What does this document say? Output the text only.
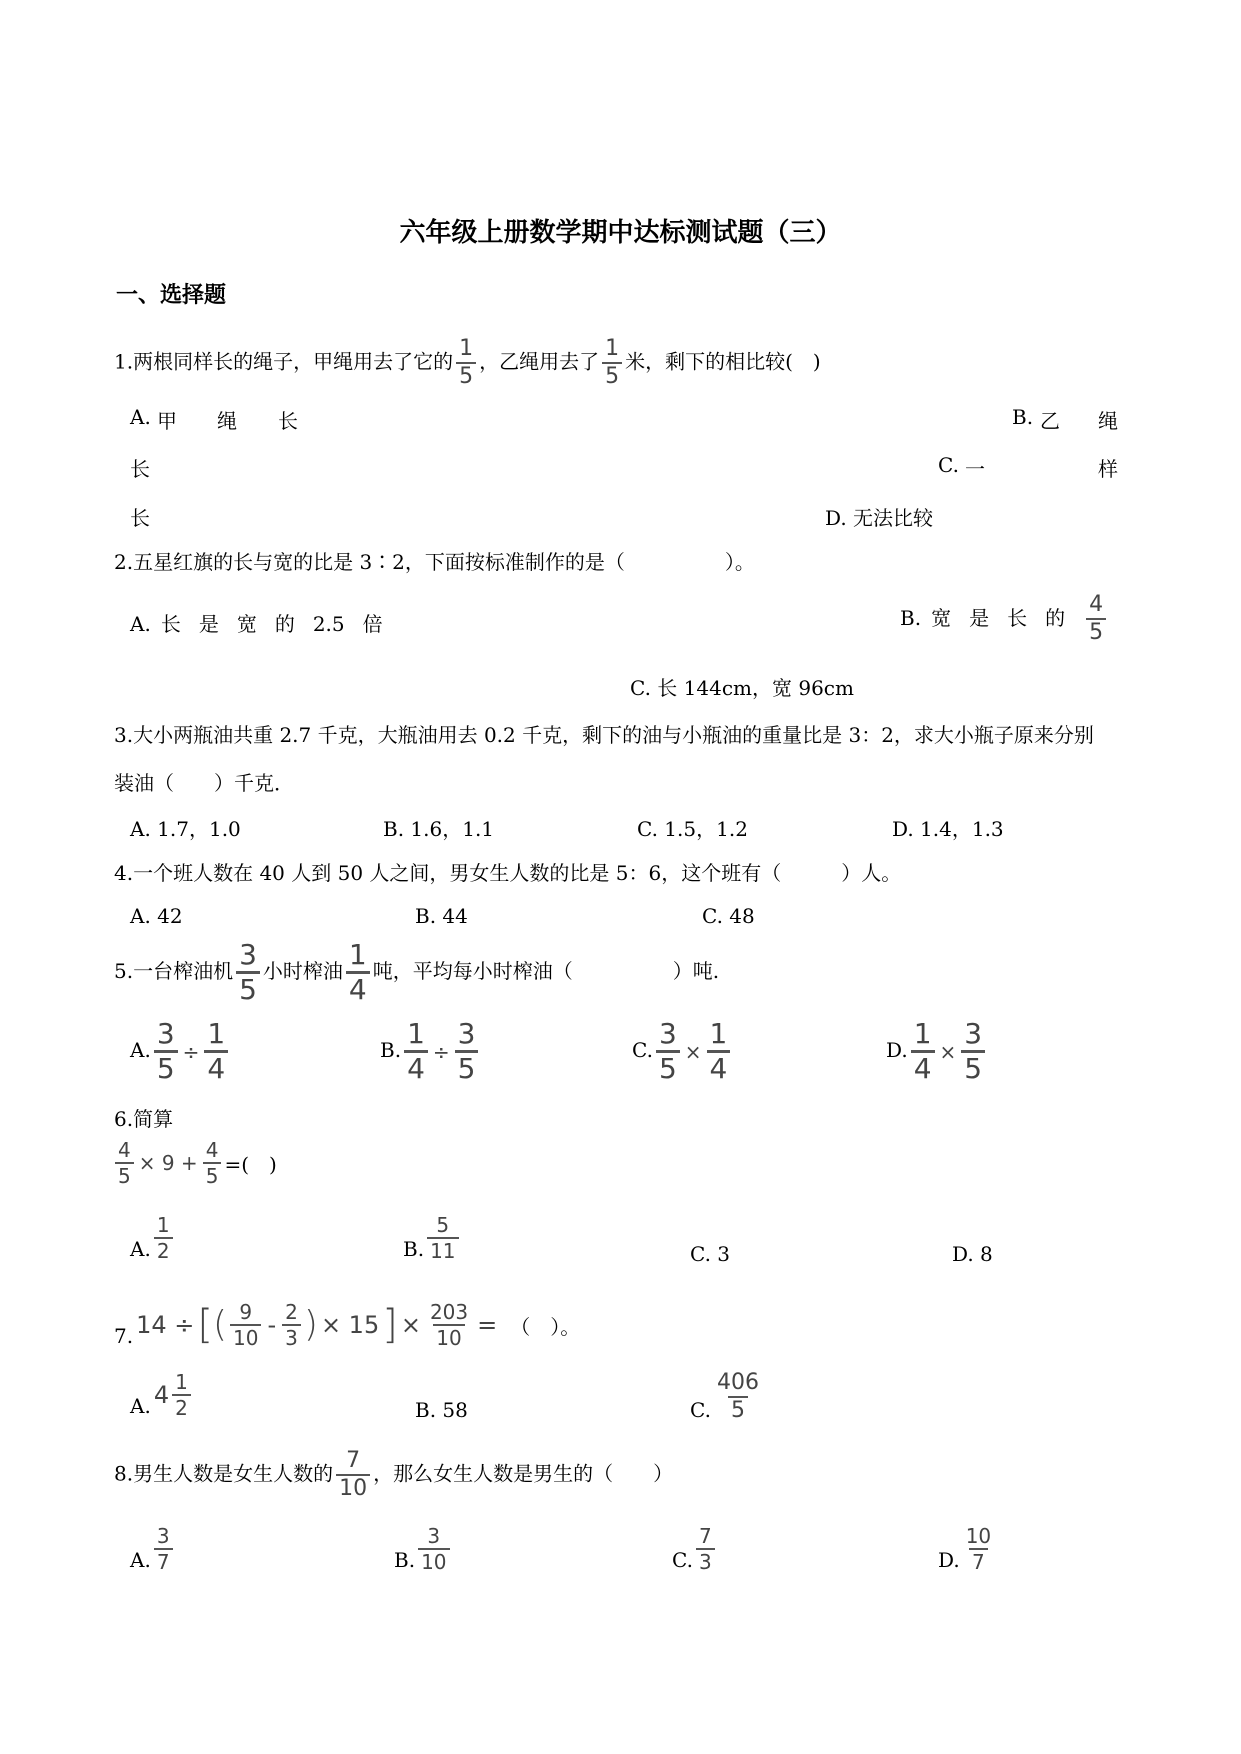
六年级上册数学期中达标测试题（三）
一、选择题
1.两根同样长的绳子，甲绳用去了它的 $\frac{1}{5}$ ，乙绳用去了 $\frac{1}{5}$ 米，剩下的相比较(　)
A. 甲 绳 长	B. 乙 绳
长	C. 一	样
长	D. 无法比较
2.五星红旗的长与宽的比是 3∶2，下面按标准制作的是（　　　　　）。
A. 长 是 宽 的 2.5 倍	B. 宽 是 长 的 $\frac{4}{5}$
C. 长 144cm，宽 96cm
3.大小两瓶油共重 2.7 千克，大瓶油用去 0.2 千克，剩下的油与小瓶油的重量比是 3：2，求大小瓶子原来分别
装油（　　）千克．
A. 1.7，1.0	B. 1.6，1.1	C. 1.5，1.2	D. 1.4，1.3
4.一个班人数在 40 人到 50 人之间，男女生人数的比是 5：6，这个班有（　　　）人。
A. 42	B. 44	C. 48
5.一台榨油机 $\frac{3}{5}$ 小时榨油 $\frac{1}{4}$ 吨，平均每小时榨油（　　　　　）吨.
A. $\frac{3}{5} \div \frac{1}{4}$	B. $\frac{1}{4} \div \frac{3}{5}$	C. $\frac{3}{5} \times \frac{1}{4}$	D. $\frac{1}{4} \times \frac{3}{5}$
6.简算
$\frac{4}{5} \times 9 + \frac{4}{5}$ =(　)
A. $\frac{1}{2}$	B. $\frac{5}{11}$	C. 3	D. 8
7. 14 ÷ [ ( $\frac{9}{10} - \frac{2}{3}$ ) × 15 ] × $\frac{203}{10}$ = （　）。
A. $4 \frac{1}{2}$	B. 58	C. $\frac{406}{5}$
8.男生人数是女生人数的 $\frac{7}{10}$ ，那么女生人数是男生的（　　）
A. $\frac{3}{7}$	B. $\frac{3}{10}$	C. $\frac{7}{3}$	D. $\frac{10}{7}$
